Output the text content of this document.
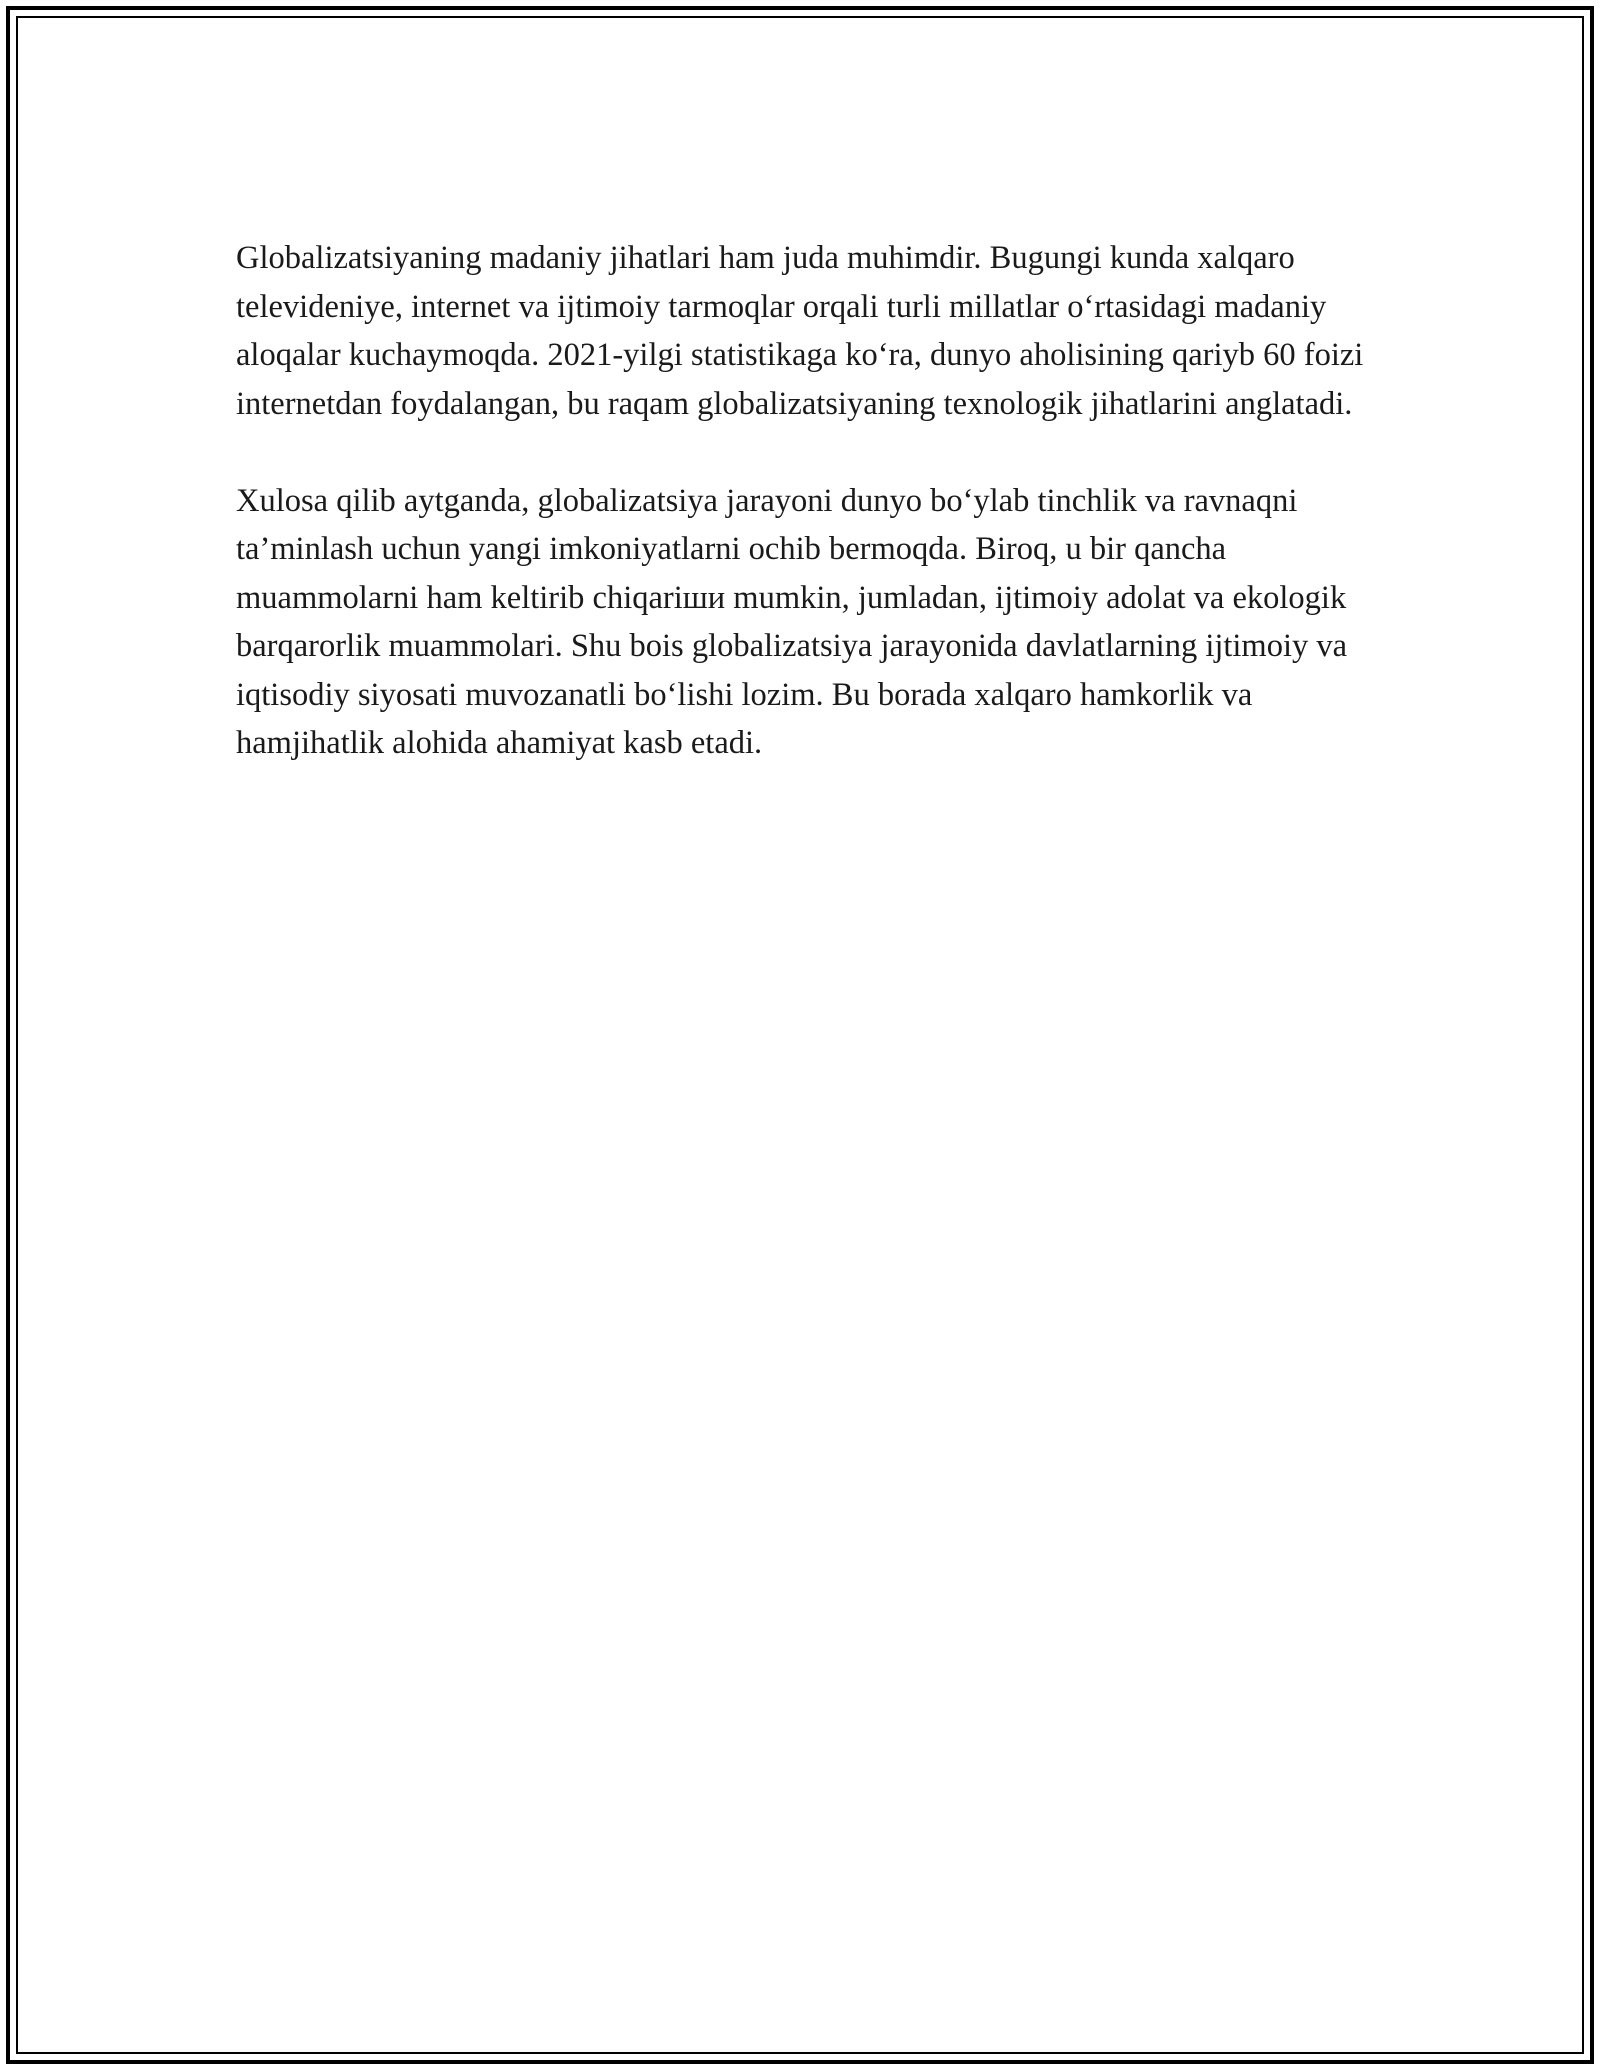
Globalizatsiyaning madaniy jihatlari ham juda muhimdir. Bugungi kunda xalqaro televideniye, internet va ijtimoiy tarmoqlar orqali turli millatlar o‘rtasidagi madaniy aloqalar kuchaymoqda. 2021-yilgi statistikaga ko‘ra, dunyo aholisining qariyb 60 foizi internetdan foydalangan, bu raqam globalizatsiyaning texnologik jihatlarini anglatadi.

Xulosa qilib aytganda, globalizatsiya jarayoni dunyo bo‘ylab tinchlik va ravnaqni ta’minlash uchun yangi imkoniyatlarni ochib bermoqda. Biroq, u bir qancha muammolarni ham keltirib chiqariши mumkin, jumladan, ijtimoiy adolat va ekologik barqarorlik muammolari. Shu bois globalizatsiya jarayonida davlatlarning ijtimoiy va iqtisodiy siyosati muvozanatli bo‘lishi lozim. Bu borada xalqaro hamkorlik va hamjihatlik alohida ahamiyat kasb etadi.
